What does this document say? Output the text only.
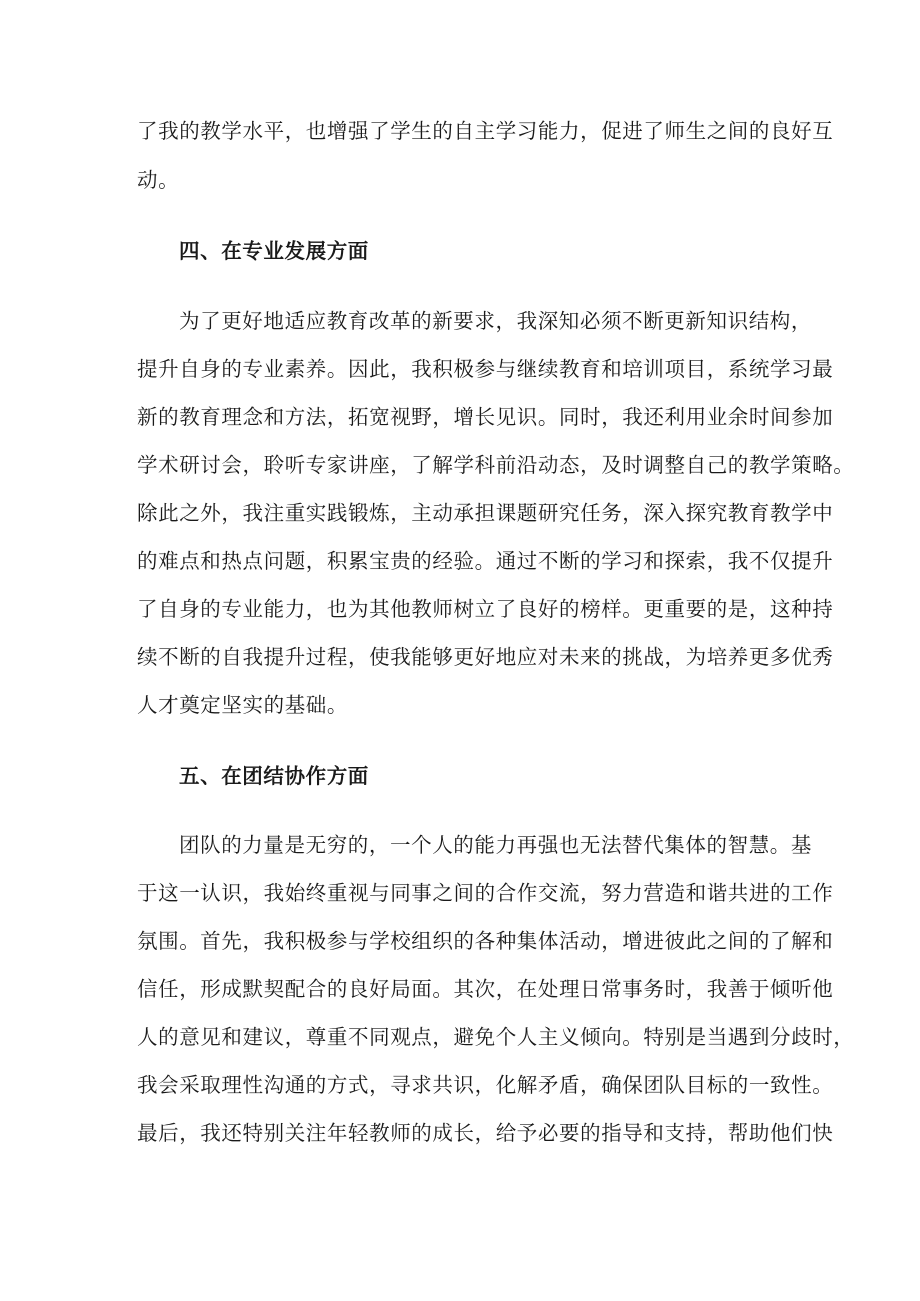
了我的教学水平，也增强了学生的自主学习能力，促进了师生之间的良好互
动。
四、在专业发展方面
为了更好地适应教育改革的新要求，我深知必须不断更新知识结构，
提升自身的专业素养。因此，我积极参与继续教育和培训项目，系统学习最
新的教育理念和方法，拓宽视野，增长见识。同时，我还利用业余时间参加
学术研讨会，聆听专家讲座，了解学科前沿动态，及时调整自己的教学策略。
除此之外，我注重实践锻炼，主动承担课题研究任务，深入探究教育教学中
的难点和热点问题，积累宝贵的经验。通过不断的学习和探索，我不仅提升
了自身的专业能力，也为其他教师树立了良好的榜样。更重要的是，这种持
续不断的自我提升过程，使我能够更好地应对未来的挑战，为培养更多优秀
人才奠定坚实的基础。
五、在团结协作方面
团队的力量是无穷的，一个人的能力再强也无法替代集体的智慧。基
于这一认识，我始终重视与同事之间的合作交流，努力营造和谐共进的工作
氛围。首先，我积极参与学校组织的各种集体活动，增进彼此之间的了解和
信任，形成默契配合的良好局面。其次，在处理日常事务时，我善于倾听他
人的意见和建议，尊重不同观点，避免个人主义倾向。特别是当遇到分歧时，
我会采取理性沟通的方式，寻求共识，化解矛盾，确保团队目标的一致性。
最后，我还特别关注年轻教师的成长，给予必要的指导和支持，帮助他们快
